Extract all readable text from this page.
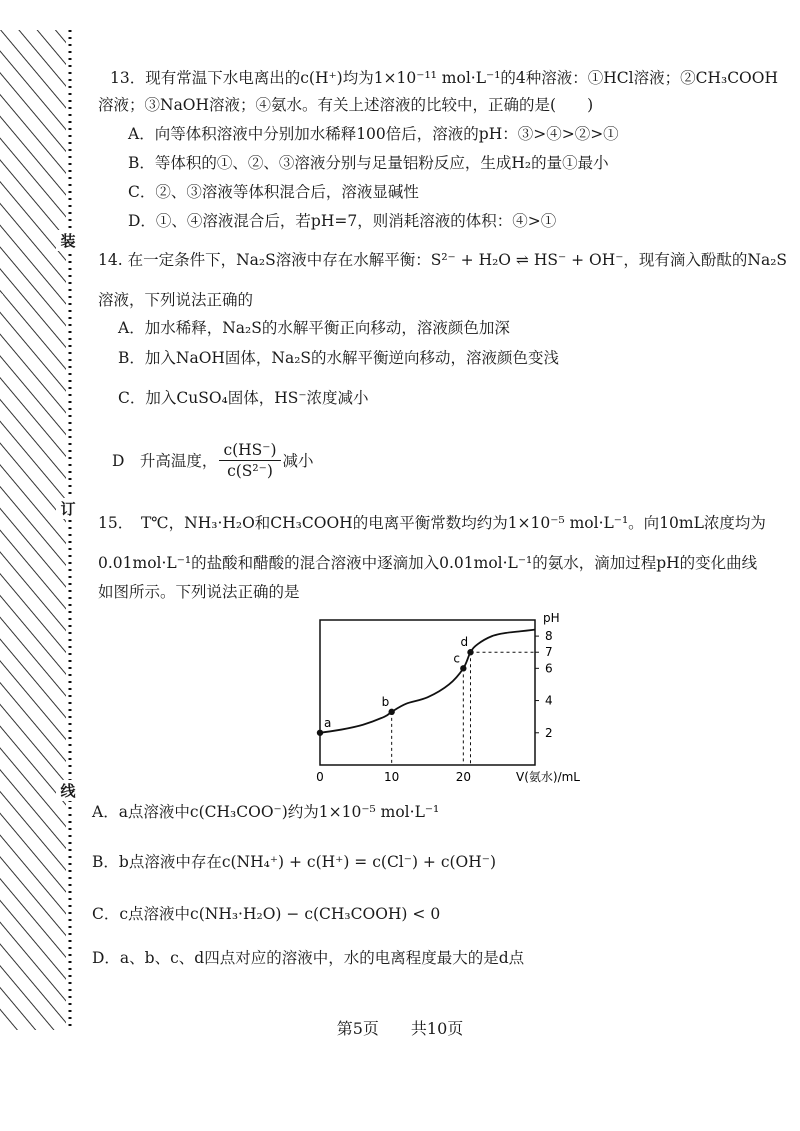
装
订
线
13．现有常温下水电离出的c(H⁺)均为1×10⁻¹¹ mol·L⁻¹的4种溶液：①HCl溶液；②CH₃COOH
溶液；③NaOH溶液；④氨水。有关上述溶液的比较中，正确的是(　　)
A．向等体积溶液中分别加水稀释100倍后，溶液的pH：③>④>②>①
B．等体积的①、②、③溶液分别与足量铝粉反应，生成H₂的量①最小
C．②、③溶液等体积混合后，溶液显碱性
D．①、④溶液混合后，若pH=7，则消耗溶液的体积：④>①
14. 在一定条件下，Na₂S溶液中存在水解平衡：S²⁻ + H₂O ⇌ HS⁻ + OH⁻，现有滴入酚酞的Na₂S
溶液，下列说法正确的
A．加水稀释，Na₂S的水解平衡正向移动，溶液颜色加深
B．加入NaOH固体，Na₂S的水解平衡逆向移动，溶液颜色变浅
C．加入CuSO₄固体，HS⁻浓度减小
D　升高温度， $\frac{c(HS^-)}{\text{c(S²⁻)}}$ 减小
15．　T℃，NH₃·H₂O和CH₃COOH的电离平衡常数均约为1×10⁻⁵ mol·L⁻¹。向10mL浓度均为
0.01mol·L⁻¹的盐酸和醋酸的混合溶液中逐滴加入0.01mol·L⁻¹的氨水，滴加过程pH的变化曲线
如图所示。下列说法正确的是
0	10	20
2
4
6
7
8
pH
V(氨水)/mL
a
b
c
d
A．a点溶液中c(CH₃COO⁻)约为1×10⁻⁵ mol·L⁻¹
B．b点溶液中存在c(NH₄⁺) + c(H⁺) = c(Cl⁻) + c(OH⁻)
C．c点溶液中c(NH₃·H₂O) − c(CH₃COOH) < 0
D．a、b、c、d四点对应的溶液中，水的电离程度最大的是d点
第5页　　共10页
